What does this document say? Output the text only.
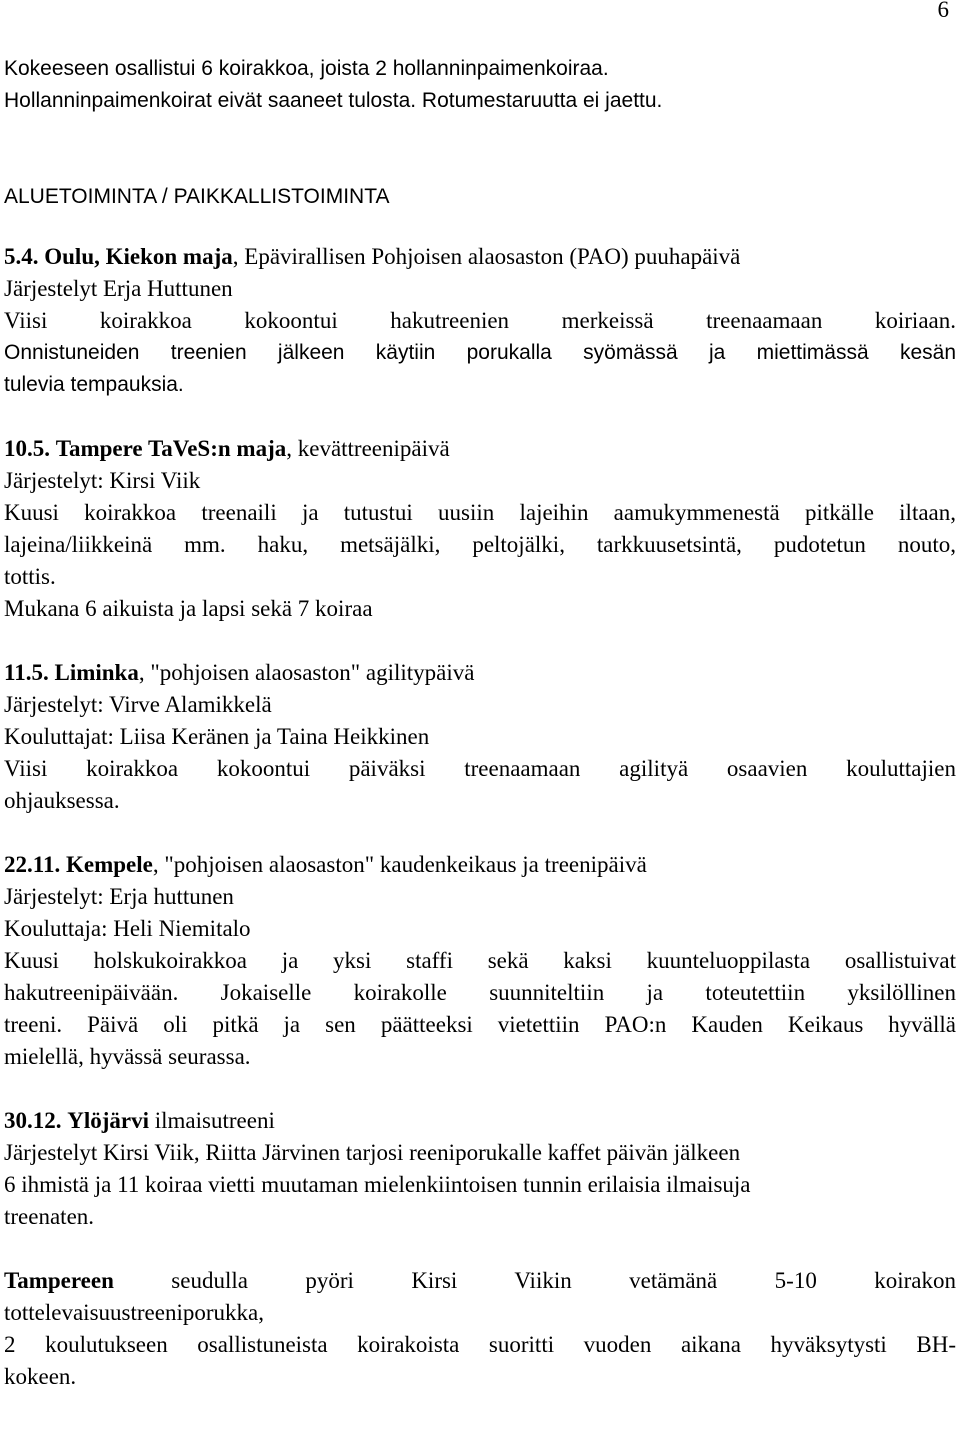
6

Kokeeseen osallistui 6 koirakkoa, joista 2 hollanninpaimenkoiraa.

Hollanninpaimenkoirat eivät saaneet tulosta. Rotumestaruutta ei jaettu.

ALUETOIMINTA / PAIKKALLISTOIMINTA

5.4. Oulu, Kiekon maja, Epävirallisen Pohjoisen alaosaston (PAO) puuhapäivä

Järjestelyt Erja Huttunen

Viisi koirakkoa kokoontui hakutreenien merkeissä treenaamaan koiriaan.

Onnistuneiden treenien jälkeen käytiin porukalla syömässä ja miettimässä kesän

tulevia tempauksia.

10.5. Tampere TaVeS:n maja, kevättreenipäivä

Järjestelyt: Kirsi Viik

Kuusi koirakkoa treenaili ja tutustui uusiin lajeihin aamukymmenestä pitkälle iltaan,

lajeina/liikkeinä mm. haku, metsäjälki, peltojälki, tarkkuusetsintä, pudotetun nouto,

tottis.

Mukana 6 aikuista ja lapsi sekä 7 koiraa

11.5. Liminka, "pohjoisen alaosaston" agilitypäivä

Järjestelyt: Virve Alamikkelä

Kouluttajat: Liisa Keränen ja Taina Heikkinen

Viisi koirakkoa kokoontui päiväksi treenaamaan agilityä osaavien kouluttajien

ohjauksessa.

22.11. Kempele, "pohjoisen alaosaston" kaudenkeikaus ja treenipäivä

Järjestelyt: Erja huttunen

Kouluttaja: Heli Niemitalo

Kuusi holskukoirakkoa ja yksi staffi sekä kaksi kuunteluoppilasta osallistuivat

hakutreenipäivään. Jokaiselle koirakolle suunniteltiin ja toteutettiin yksilöllinen

treeni. Päivä oli pitkä ja sen päätteeksi vietettiin PAO:n Kauden Keikaus hyvällä

mielellä, hyvässä seurassa.

30.12. Ylöjärvi ilmaisutreeni

Järjestelyt Kirsi Viik, Riitta Järvinen tarjosi reeniporukalle kaffet päivän jälkeen

6 ihmistä ja 11 koiraa vietti muutaman mielenkiintoisen tunnin erilaisia ilmaisuja

treenaten.

Tampereen seudulla pyöri Kirsi Viikin vetämänä 5-10 koirakon

tottelevaisuustreeniporukka,

2 koulutukseen osallistuneista koirakoista suoritti vuoden aikana hyväksytysti BH-

kokeen.
